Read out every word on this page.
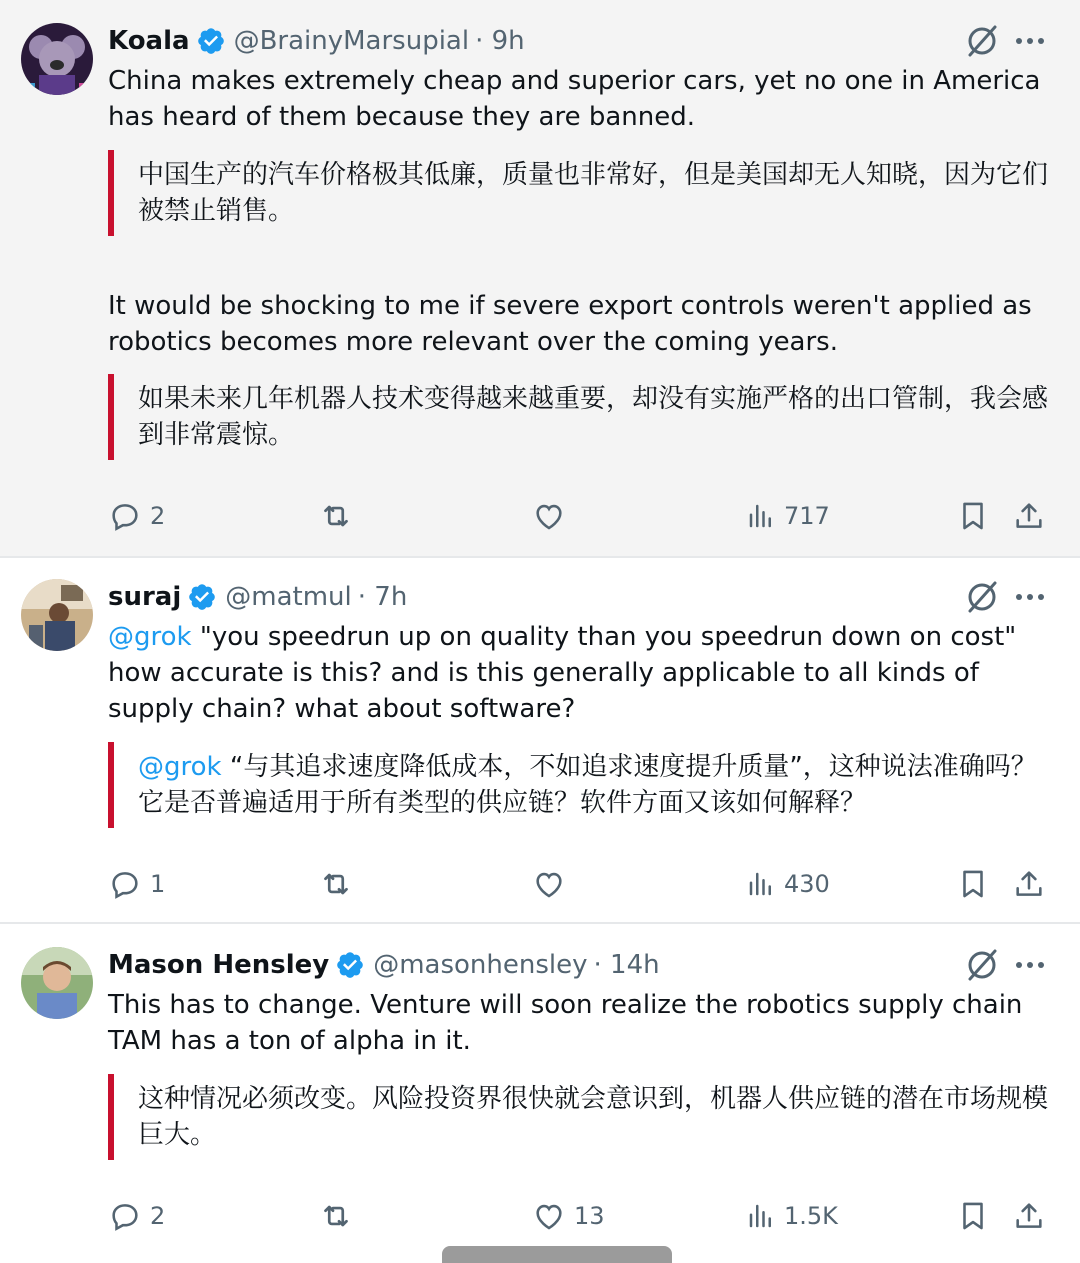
Koala @BrainyMarsupial · 9h
China makes extremely cheap and superior cars, yet no one in America has heard of them because they are banned.
中国生产的汽车价格极其低廉，质量也非常好，但是美国却无人知晓，因为它们被禁止销售。
It would be shocking to me if severe export controls weren't applied as robotics becomes more relevant over the coming years.
如果未来几年机器人技术变得越来越重要，却没有实施严格的出口管制，我会感到非常震惊。
2	717
suraj @matmul · 7h
@grok "you speedrun up on quality than you speedrun down on cost" how accurate is this? and is this generally applicable to all kinds of supply chain? what about software?
@grok “与其追求速度降低成本，不如追求速度提升质量”，这种说法准确吗？它是否普遍适用于所有类型的供应链？软件方面又该如何解释？
1	430
Mason Hensley @masonhensley · 14h
This has to change. Venture will soon realize the robotics supply chain TAM has a ton of alpha in it.
这种情况必须改变。风险投资界很快就会意识到，机器人供应链的潜在市场规模巨大。
2	13	1.5K
